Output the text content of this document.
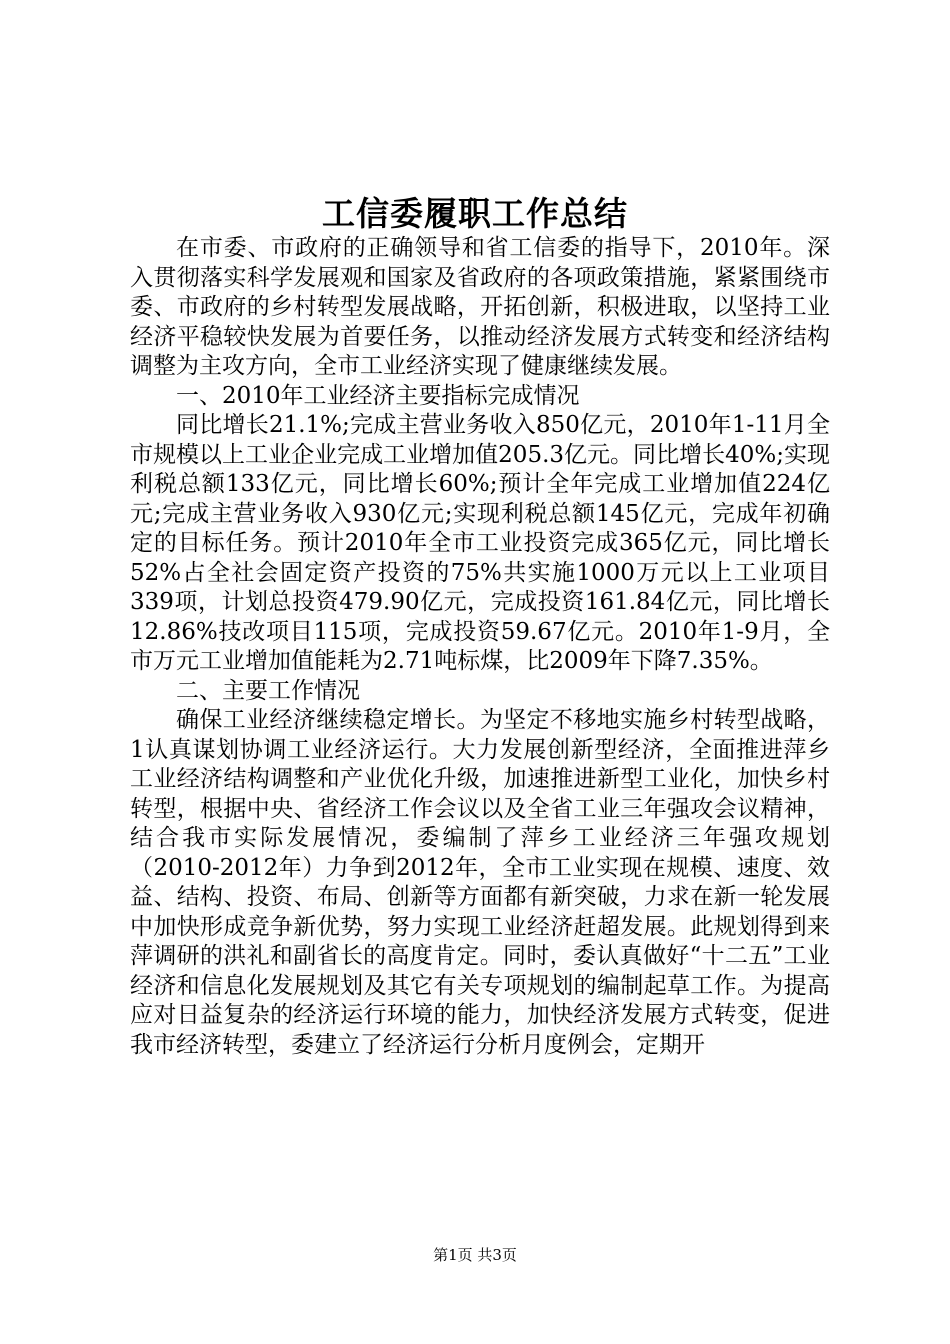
工信委履职工作总结

在市委、市政府的正确领导和省工信委的指导下，2010年。深入贯彻落实科学发展观和国家及省政府的各项政策措施，紧紧围绕市委、市政府的乡村转型发展战略，开拓创新，积极进取，以坚持工业经济平稳较快发展为首要任务，以推动经济发展方式转变和经济结构调整为主攻方向，全市工业经济实现了健康继续发展。

一、2010年工业经济主要指标完成情况

同比增长21.1%;完成主营业务收入850亿元，2010年1-11月全市规模以上工业企业完成工业增加值205.3亿元。同比增长40%;实现利税总额133亿元，同比增长60%;预计全年完成工业增加值224亿元;完成主营业务收入930亿元;实现利税总额145亿元，完成年初确定的目标任务。预计2010年全市工业投资完成365亿元，同比增长52%占全社会固定资产投资的75%共实施1000万元以上工业项目339项，计划总投资479.90亿元，完成投资161.84亿元，同比增长12.86%技改项目115项，完成投资59.67亿元。2010年1-9月，全市万元工业增加值能耗为2.71吨标煤，比2009年下降7.35%。

二、主要工作情况

确保工业经济继续稳定增长。为坚定不移地实施乡村转型战略，1认真谋划协调工业经济运行。大力发展创新型经济，全面推进萍乡工业经济结构调整和产业优化升级，加速推进新型工业化，加快乡村转型，根据中央、省经济工作会议以及全省工业三年强攻会议精神，结合我市实际发展情况，委编制了萍乡工业经济三年强攻规划（2010-2012年）力争到2012年，全市工业实现在规模、速度、效益、结构、投资、布局、创新等方面都有新突破，力求在新一轮发展中加快形成竞争新优势，努力实现工业经济赶超发展。此规划得到来萍调研的洪礼和副省长的高度肯定。同时，委认真做好“十二五”工业经济和信息化发展规划及其它有关专项规划的编制起草工作。为提高应对日益复杂的经济运行环境的能力，加快经济发展方式转变，促进我市经济转型，委建立了经济运行分析月度例会，定期开

第1页 共3页
